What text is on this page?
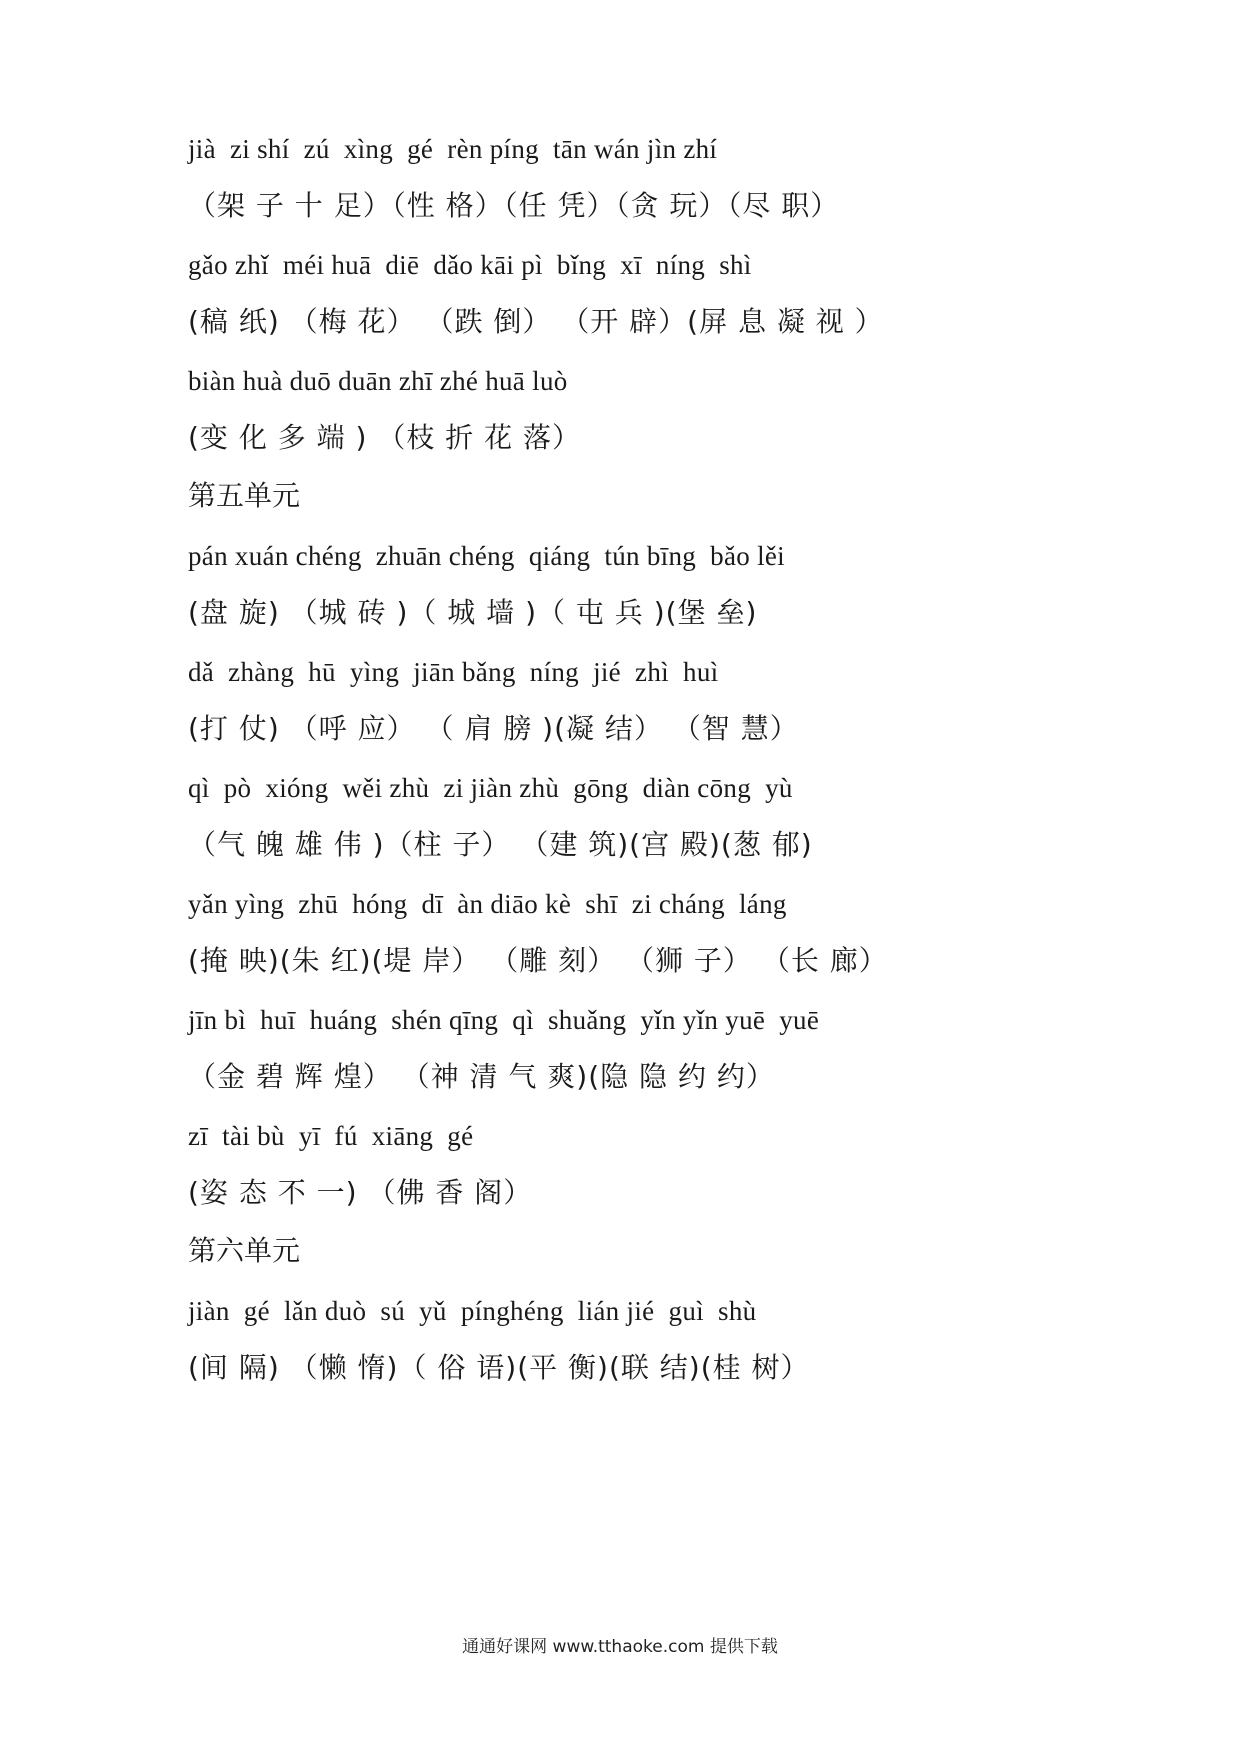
jià  zi shí  zú  xìng  gé  rèn píng  tān wán jìn zhí
（架 子 十 足）（性 格）（任 凭）（贪 玩）（尽 职）
gǎo zhǐ  méi huā  diē  dǎo kāi pì  bǐng  xī  níng  shì
(稿 纸) （梅 花） （跌 倒） （开 辟）(屏 息 凝 视 ）
biàn huà duō duān zhī zhé huā luò
(变 化 多 端 ) （枝 折 花 落）
第五单元
pán xuán chéng  zhuān chéng  qiáng  tún bīng  bǎo lěi
(盘 旋) （城 砖 )（ 城 墙 )（ 屯 兵 )(堡 垒)
dǎ  zhàng  hū  yìng  jiān bǎng  níng  jié  zhì  huì
(打 仗) （呼 应） （ 肩 膀 )(凝 结） （智 慧）
qì  pò  xióng  wěi zhù  zi jiàn zhù  gōng  diàn cōng  yù
（气 魄 雄 伟 )（柱 子） （建 筑)(宫 殿)(葱 郁)
yǎn yìng  zhū  hóng  dī  àn diāo kè  shī  zi cháng  láng
(掩 映)(朱 红)(堤 岸） （雕 刻） （狮 子） （长 廊）
jīn bì  huī  huáng  shén qīng  qì  shuǎng  yǐn yǐn yuē  yuē
（金 碧 辉 煌） （神 清 气 爽)(隐 隐 约 约）
zī  tài bù  yī  fú  xiāng  gé
(姿 态 不 一) （佛 香 阁）
第六单元
jiàn  gé  lǎn duò  sú  yǔ  pínghéng  lián jié  guì  shù
(间 隔) （懒 惰)（ 俗 语)(平 衡)(联 结)(桂 树）
通通好课网 www.tthaoke.com 提供下载
